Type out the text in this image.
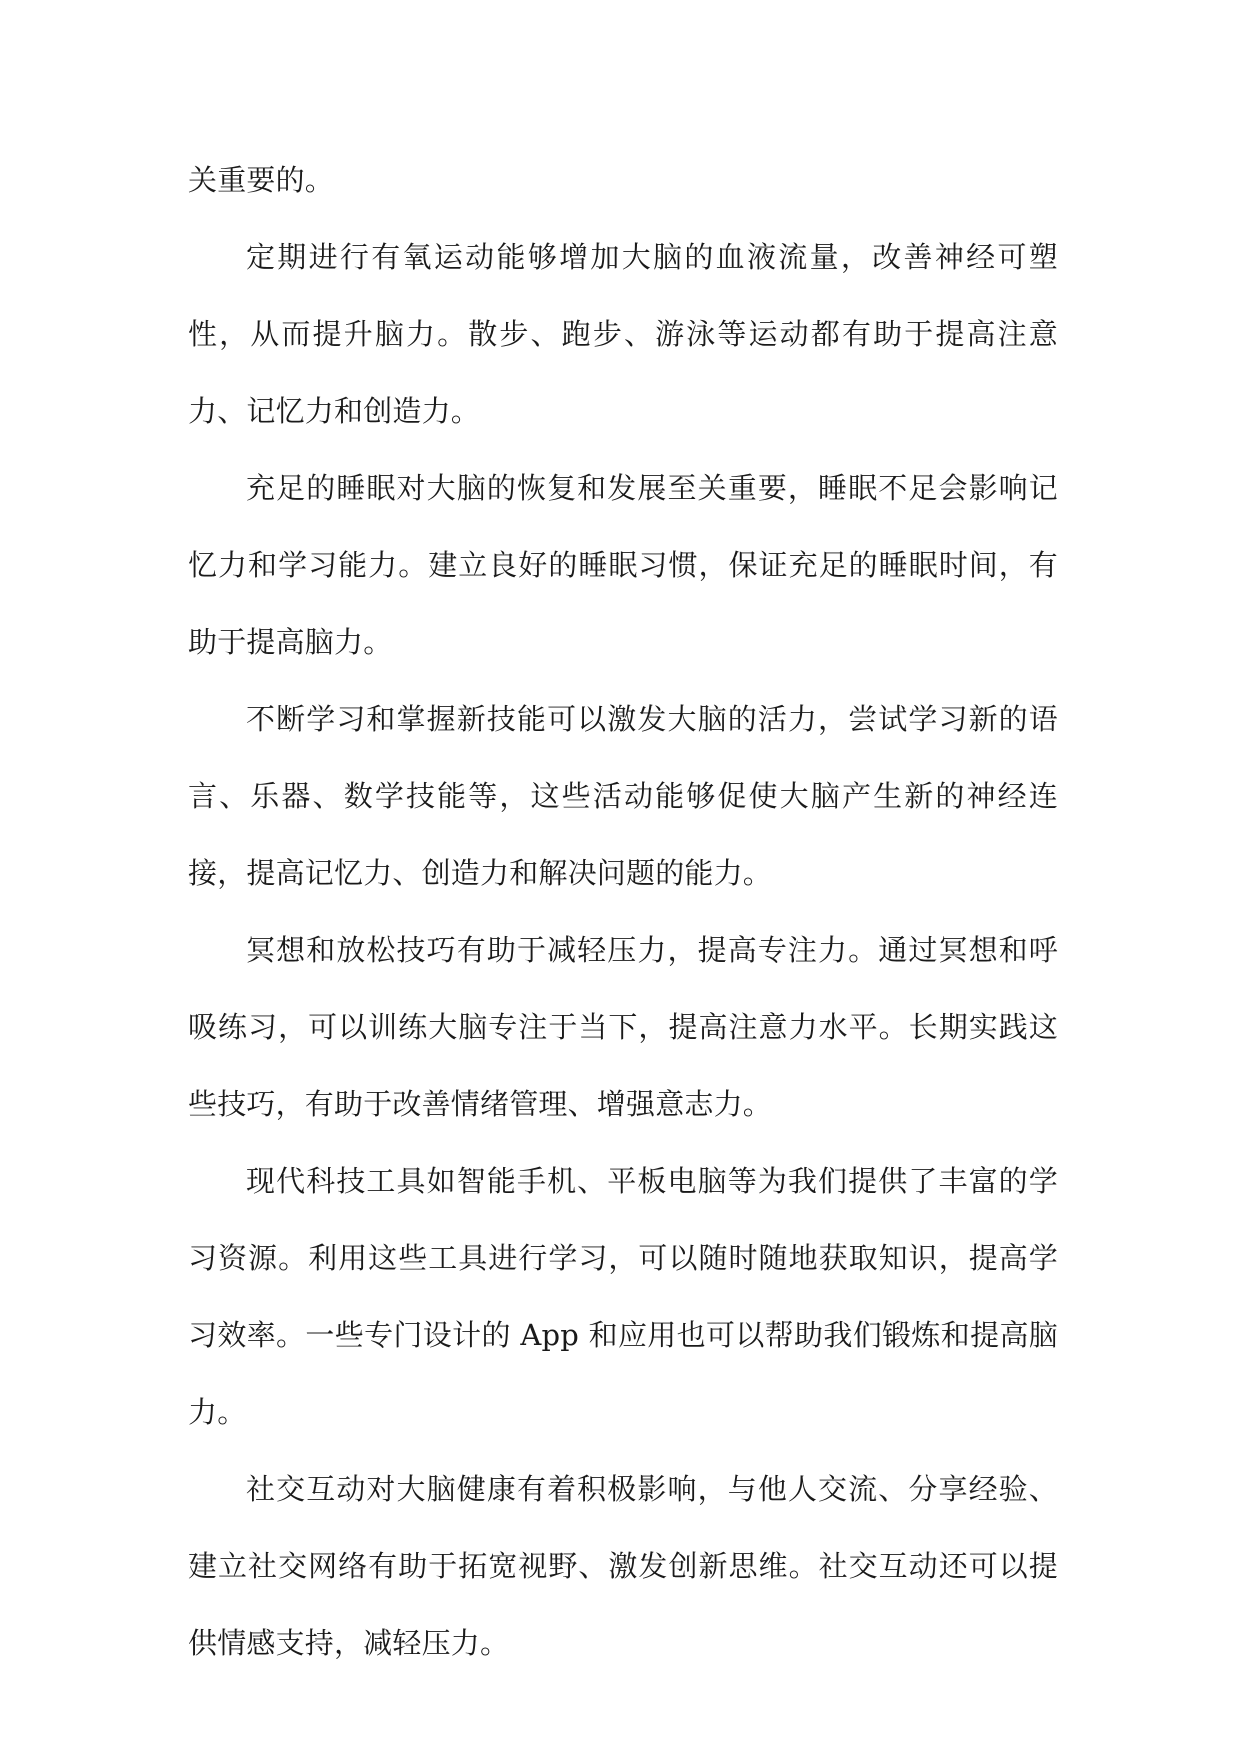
关重要的。

定期进行有氧运动能够增加大脑的血液流量，改善神经可塑性，从而提升脑力。散步、跑步、游泳等运动都有助于提高注意力、记忆力和创造力。

充足的睡眠对大脑的恢复和发展至关重要，睡眠不足会影响记忆力和学习能力。建立良好的睡眠习惯，保证充足的睡眠时间，有助于提高脑力。

不断学习和掌握新技能可以激发大脑的活力，尝试学习新的语言、乐器、数学技能等，这些活动能够促使大脑产生新的神经连接，提高记忆力、创造力和解决问题的能力。

冥想和放松技巧有助于减轻压力，提高专注力。通过冥想和呼吸练习，可以训练大脑专注于当下，提高注意力水平。长期实践这些技巧，有助于改善情绪管理、增强意志力。

现代科技工具如智能手机、平板电脑等为我们提供了丰富的学习资源。利用这些工具进行学习，可以随时随地获取知识，提高学习效率。一些专门设计的 App 和应用也可以帮助我们锻炼和提高脑力。

社交互动对大脑健康有着积极影响，与他人交流、分享经验、建立社交网络有助于拓宽视野、激发创新思维。社交互动还可以提供情感支持，减轻压力。
